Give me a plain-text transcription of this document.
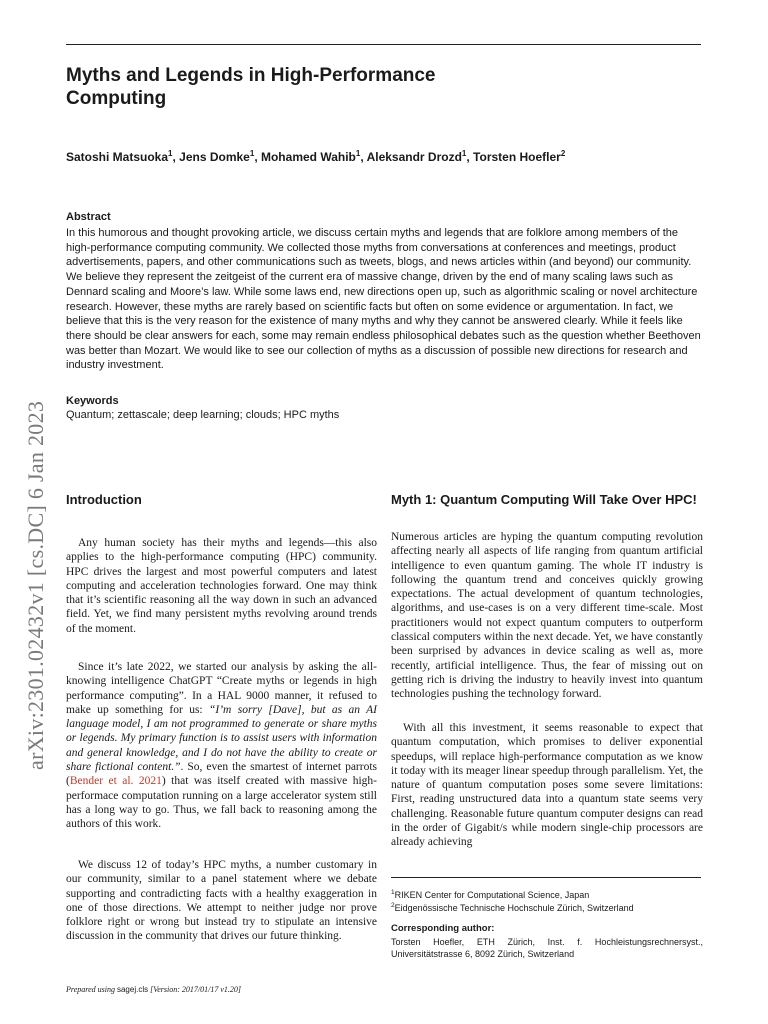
arXiv:2301.02432v1 [cs.DC] 6 Jan 2023
Myths and Legends in High-Performance
Computing
Satoshi Matsuoka$^1$, Jens Domke$^1$, Mohamed Wahib$^1$, Aleksandr Drozd$^1$, Torsten Hoefler$^2$
Abstract
In this humorous and thought provoking article, we discuss certain myths and legends that are folklore among members of the high-performance computing community. We collected those myths from conversations at conferences and meetings, product advertisements, papers, and other communications such as tweets, blogs, and news articles within (and beyond) our community. We believe they represent the zeitgeist of the current era of massive change, driven by the end of many scaling laws such as Dennard scaling and Moore’s law. While some laws end, new directions open up, such as algorithmic scaling or novel architecture research. However, these myths are rarely based on scientific facts but often on some evidence or argumentation. In fact, we believe that this is the very reason for the existence of many myths and why they cannot be answered clearly. While it feels like there should be clear answers for each, some may remain endless philosophical debates such as the question whether Beethoven was better than Mozart. We would like to see our collection of myths as a discussion of possible new directions for research and industry investment.
Keywords
Quantum; zettascale; deep learning; clouds; HPC myths
Introduction

Any human society has their myths and legends—this also applies to the high-performance computing (HPC) community. HPC drives the largest and most powerful computers and latest computing and acceleration technologies forward. One may think that it’s scientific reasoning all the way down in such an advanced field. Yet, we find many persistent myths revolving around trends of the moment.

Since it’s late 2022, we started our analysis by asking the all-knowing intelligence ChatGPT “Create myths or legends in high performance computing”. In a HAL 9000 manner, it refused to make up something for us: “I’m sorry [Dave], but as an AI language model, I am not programmed to generate or share myths or legends. My primary function is to assist users with information and general knowledge, and I do not have the ability to create or share fictional content.”. So, even the smartest of internet parrots (Bender et al. 2021) that was itself created with massive high-performace computation running on a large accelerator system still has a long way to go. Thus, we fall back to reasoning among the authors of this work.

We discuss 12 of today’s HPC myths, a number customary in our community, similar to a panel statement where we debate supporting and contradicting facts with a healthy exaggeration in one of those directions. We attempt to neither judge nor prove folklore right or wrong but instead try to stipulate an intensive discussion in the community that drives our future thinking.

Myth 1: Quantum Computing Will Take Over HPC!

Numerous articles are hyping the quantum computing revolution affecting nearly all aspects of life ranging from quantum artificial intelligence to even quantum gaming. The whole IT industry is following the quantum trend and conceives quickly growing expectations. The actual development of quantum technologies, algorithms, and use-cases is on a very different time-scale. Most practitioners would not expect quantum computers to outperform classical computers within the next decade. Yet, we have constantly been surprised by advances in device scaling as well as, more recently, artificial intelligence. Thus, the fear of missing out on getting rich is driving the industry to heavily invest into quantum technologies pushing the technology forward.

With all this investment, it seems reasonable to expect that quantum computation, which promises to deliver exponential speedups, will replace high-performance computation as we know it today with its meager linear speedup through parallelism. Yet, the nature of quantum computation poses some severe limitations: First, reading unstructured data into a quantum state seems very challenging. Reasonable future quantum computer designs can read in the order of Gigabit/s while modern single-chip processors are already achieving

$^1$RIKEN Center for Computational Science, Japan
$^2$Eidgenössische Technische Hochschule Zürich, Switzerland
Corresponding author:
Torsten Hoefler, ETH Zürich, Inst. f. Hochleistungsrechnersyst., Universitätstrasse 6, 8092 Zürich, Switzerland
Prepared using sagej.cls [Version: 2017/01/17 v1.20]
